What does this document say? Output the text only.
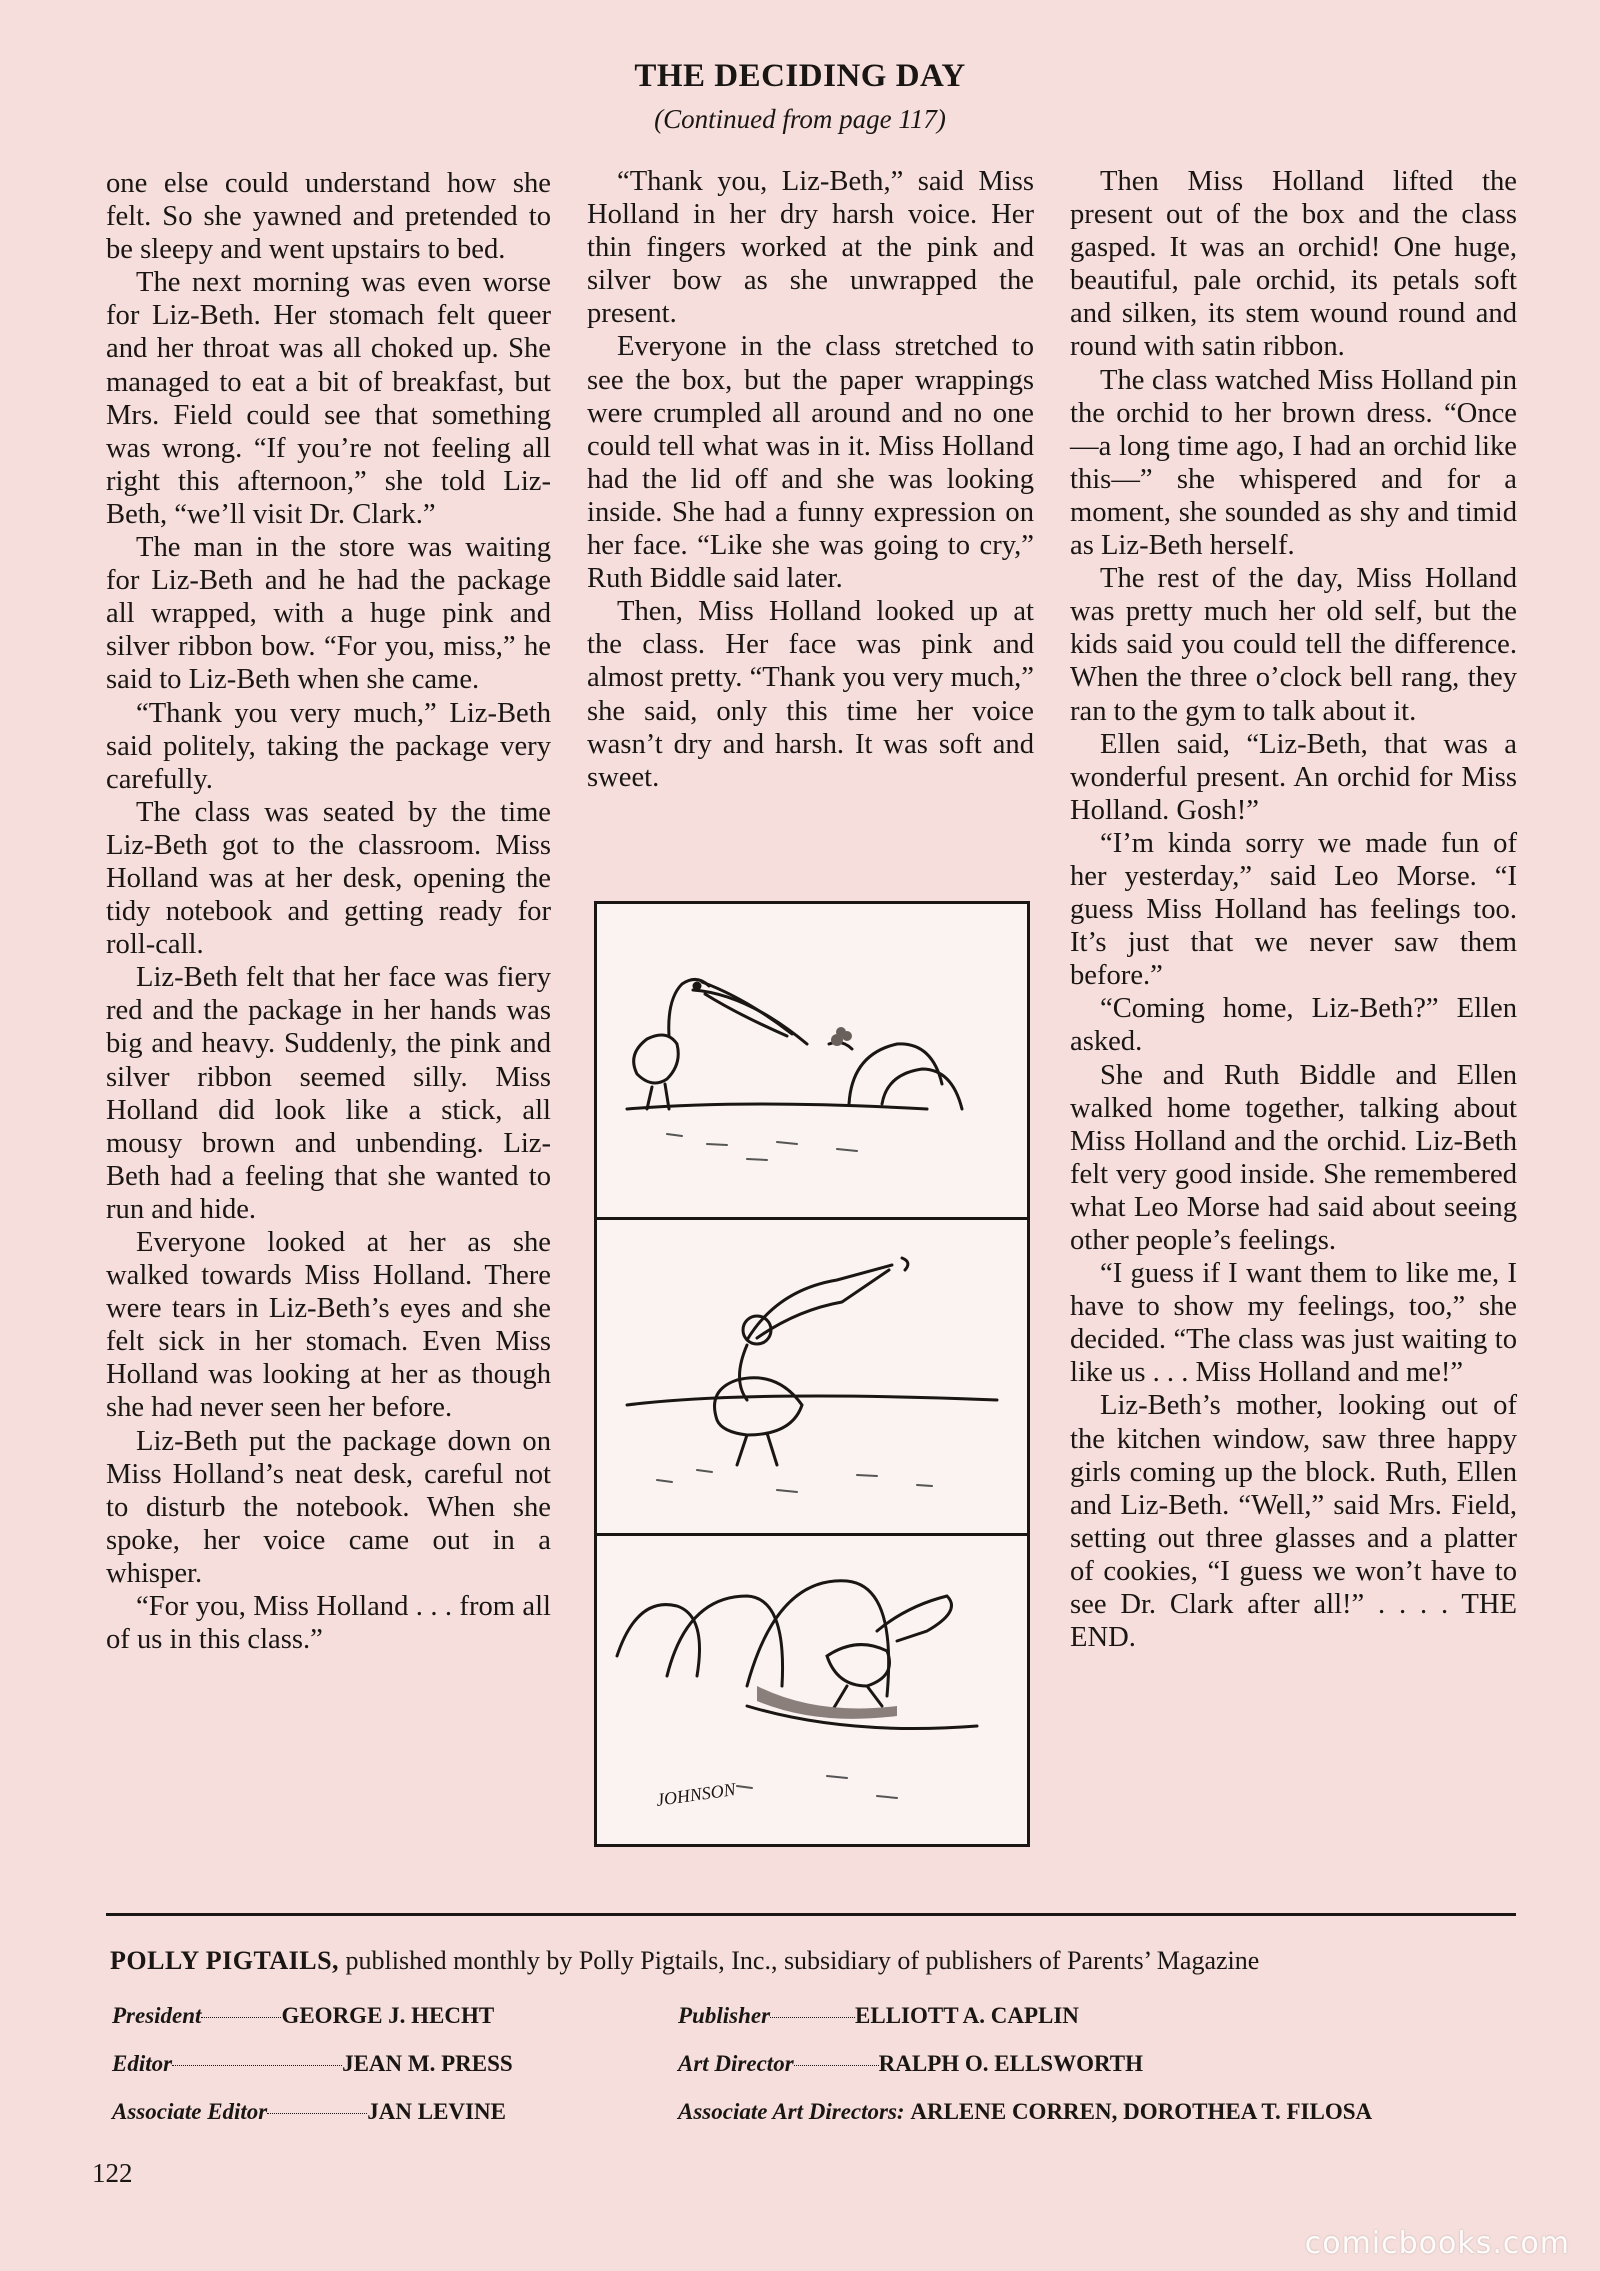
THE DECIDING DAY
(Continued from page 117)

one else could understand how she felt. So she yawned and pretended to be sleepy and went upstairs to bed.

The next morning was even worse for Liz-Beth. Her stomach felt queer and her throat was all choked up. She managed to eat a bit of breakfast, but Mrs. Field could see that something was wrong. “If you’re not feeling all right this afternoon,” she told Liz-Beth, “we’ll visit Dr. Clark.”

The man in the store was waiting for Liz-Beth and he had the package all wrapped, with a huge pink and silver ribbon bow. “For you, miss,” he said to Liz-Beth when she came.

“Thank you very much,” Liz-Beth said politely, taking the package very carefully.

The class was seated by the time Liz-Beth got to the classroom. Miss Holland was at her desk, opening the tidy notebook and getting ready for roll-call.

Liz-Beth felt that her face was fiery red and the package in her hands was big and heavy. Suddenly, the pink and silver ribbon seemed silly. Miss Holland did look like a stick, all mousy brown and unbending. Liz-Beth had a feeling that she wanted to run and hide.

Everyone looked at her as she walked towards Miss Holland. There were tears in Liz-Beth’s eyes and she felt sick in her stomach. Even Miss Holland was looking at her as though she had never seen her before.

Liz-Beth put the package down on Miss Holland’s neat desk, careful not to disturb the notebook. When she spoke, her voice came out in a whisper.

“For you, Miss Holland . . . from all of us in this class.”

“Thank you, Liz-Beth,” said Miss Holland in her dry harsh voice. Her thin fingers worked at the pink and silver bow as she unwrapped the present.

Everyone in the class stretched to see the box, but the paper wrappings were crumpled all around and no one could tell what was in it. Miss Holland had the lid off and she was looking inside. She had a funny expression on her face. “Like she was going to cry,” Ruth Biddle said later.

Then, Miss Holland looked up at the class. Her face was pink and almost pretty. “Thank you very much,” she said, only this time her voice wasn’t dry and harsh. It was soft and sweet.

JOHNSON

Then Miss Holland lifted the present out of the box and the class gasped. It was an orchid! One huge, beautiful, pale orchid, its petals soft and silken, its stem wound round and round with satin ribbon.

The class watched Miss Holland pin the orchid to her brown dress. “Once—a long time ago, I had an orchid like this—” she whispered and for a moment, she sounded as shy and timid as Liz-Beth herself.

The rest of the day, Miss Holland was pretty much her old self, but the kids said you could tell the difference. When the three o’clock bell rang, they ran to the gym to talk about it.

Ellen said, “Liz-Beth, that was a wonderful present. An orchid for Miss Holland. Gosh!”

“I’m kinda sorry we made fun of her yesterday,” said Leo Morse. “I guess Miss Holland has feelings too. It’s just that we never saw them before.”

“Coming home, Liz-Beth?” Ellen asked.

She and Ruth Biddle and Ellen walked home together, talking about Miss Holland and the orchid. Liz-Beth felt very good inside. She remembered what Leo Morse had said about seeing other people’s feelings.

“I guess if I want them to like me, I have to show my feelings, too,” she decided. “The class was just waiting to like us . . . Miss Holland and me!”

Liz-Beth’s mother, looking out of the kitchen window, saw three happy girls coming up the block. Ruth, Ellen and Liz-Beth. “Well,” said Mrs. Field, setting out three glasses and a platter of cookies, “I guess we won’t have to see Dr. Clark after all!” . . . . THE END.

POLLY PIGTAILS, published monthly by Polly Pigtails, Inc., subsidiary of publishers of Parents’ Magazine
President	GEORGE J. HECHT
Editor	JEAN M. PRESS
Associate Editor	JAN LEVINE
Publisher	ELLIOTT A. CAPLIN
Art Director	RALPH O. ELLSWORTH
Associate Art Directors: ARLENE CORREN, DOROTHEA T. FILOSA
122
comicbooks.com
